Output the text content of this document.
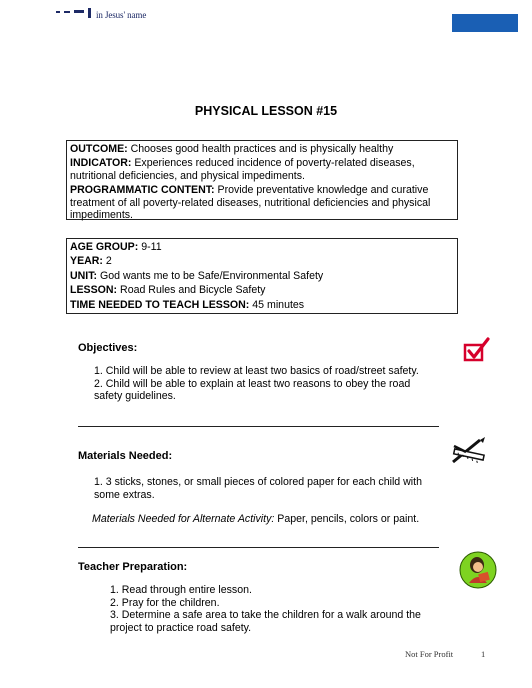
in Jesus' name
PHYSICAL LESSON #15

OUTCOME: Chooses good health practices and is physically healthy

INDICATOR: Experiences reduced incidence of poverty-related diseases, nutritional deficiencies, and physical impediments.

PROGRAMMATIC CONTENT: Provide preventative knowledge and curative treatment of all poverty-related diseases, nutritional deficiencies and physical impediments.

AGE GROUP: 9-11

YEAR: 2

UNIT: God wants me to be Safe/Environmental Safety

LESSON: Road Rules and Bicycle Safety

TIME NEEDED TO TEACH LESSON: 45 minutes

Objectives:
1. Child will be able to review at least two basics of road/street safety.
2. Child will be able to explain at least two reasons to obey the road safety guidelines.
Materials Needed:
1. 3 sticks, stones, or small pieces of colored paper for each child with some extras.
Materials Needed for Alternate Activity: Paper, pencils, colors or paint.
Teacher Preparation:
1. Read through entire lesson.
2. Pray for the children.
3. Determine a safe area to take the children for a walk around the project to practice road safety.
Not For Profit	1
